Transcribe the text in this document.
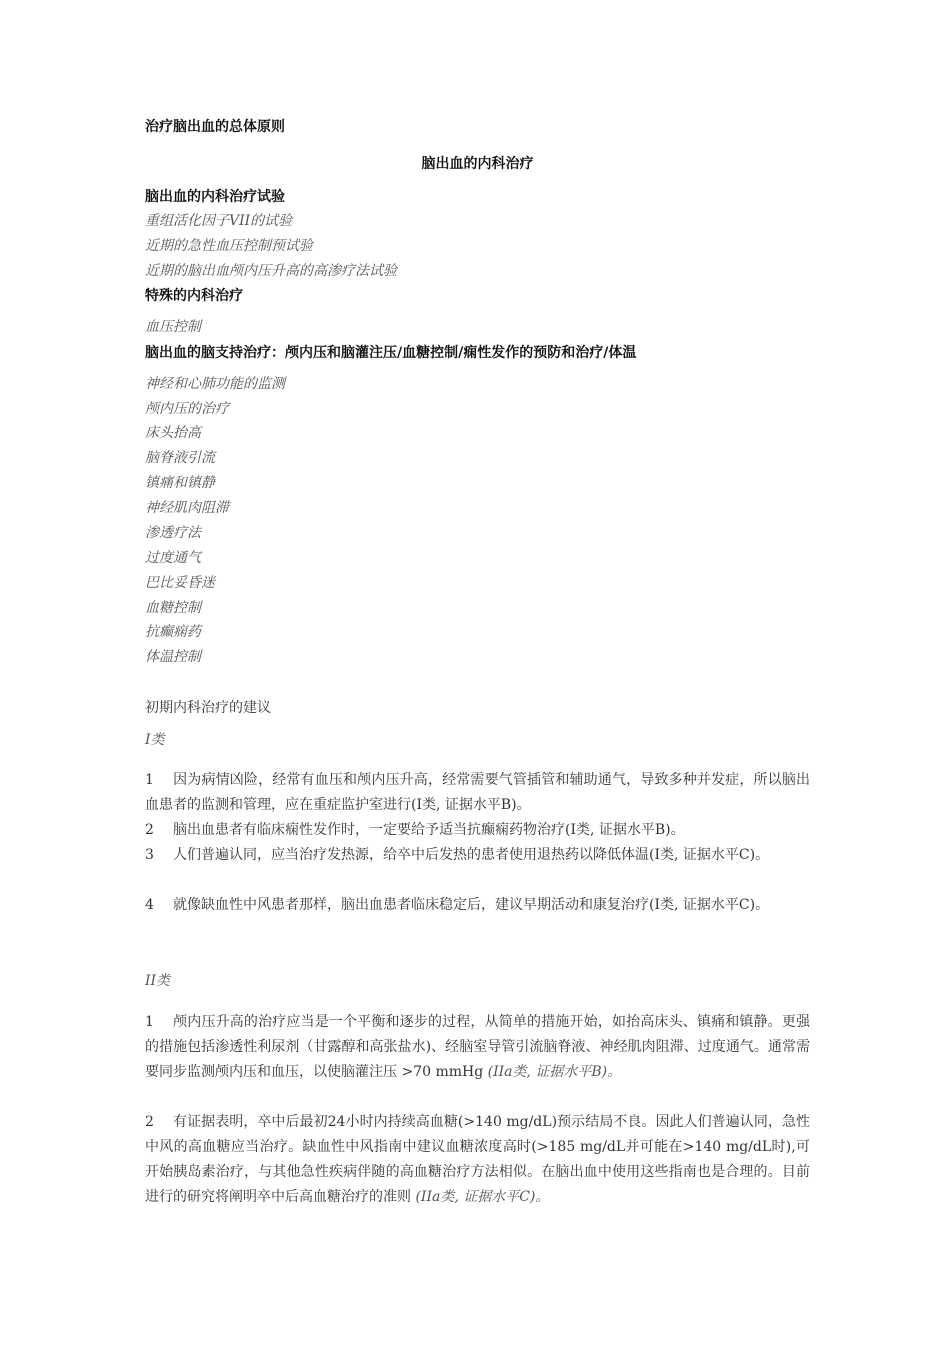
治疗脑出血的总体原则
脑出血的内科治疗
脑出血的内科治疗试验
重组活化因子VII的试验
近期的急性血压控制预试验
近期的脑出血颅内压升高的高渗疗法试验
特殊的内科治疗
血压控制
脑出血的脑支持治疗：颅内压和脑灌注压/血糖控制/痫性发作的预防和治疗/体温
神经和心肺功能的监测
颅内压的治疗
床头抬高
脑脊液引流
镇痛和镇静
神经肌肉阻滞
渗透疗法
过度通气
巴比妥昏迷
血糖控制
抗癫痫药
体温控制
初期内科治疗的建议
I类
1 因为病情凶险，经常有血压和颅内压升高，经常需要气管插管和辅助通气，导致多种并发症，所以脑出血患者的监测和管理，应在重症监护室进行(I类, 证据水平B)。
2 脑出血患者有临床痫性发作时，一定要给予适当抗癫痫药物治疗(I类, 证据水平B)。
3 人们普遍认同，应当治疗发热源，给卒中后发热的患者使用退热药以降低体温(I类, 证据水平C)。
4 就像缺血性中风患者那样，脑出血患者临床稳定后，建议早期活动和康复治疗(I类, 证据水平C)。
II类
1 颅内压升高的治疗应当是一个平衡和逐步的过程，从简单的措施开始，如抬高床头、镇痛和镇静。更强的措施包括渗透性利尿剂（甘露醇和高张盐水)、经脑室导管引流脑脊液、神经肌肉阻滞、过度通气。通常需要同步监测颅内压和血压，以使脑灌注压 >70 mmHg (IIa类, 证据水平B)。
2 有证据表明，卒中后最初24小时内持续高血糖(>140 mg/dL)预示结局不良。因此人们普遍认同，急性中风的高血糖应当治疗。缺血性中风指南中建议血糖浓度高时(>185 mg/dL并可能在>140 mg/dL时),可开始胰岛素治疗，与其他急性疾病伴随的高血糖治疗方法相似。在脑出血中使用这些指南也是合理的。目前进行的研究将阐明卒中后高血糖治疗的准则 (IIa类, 证据水平C)。
